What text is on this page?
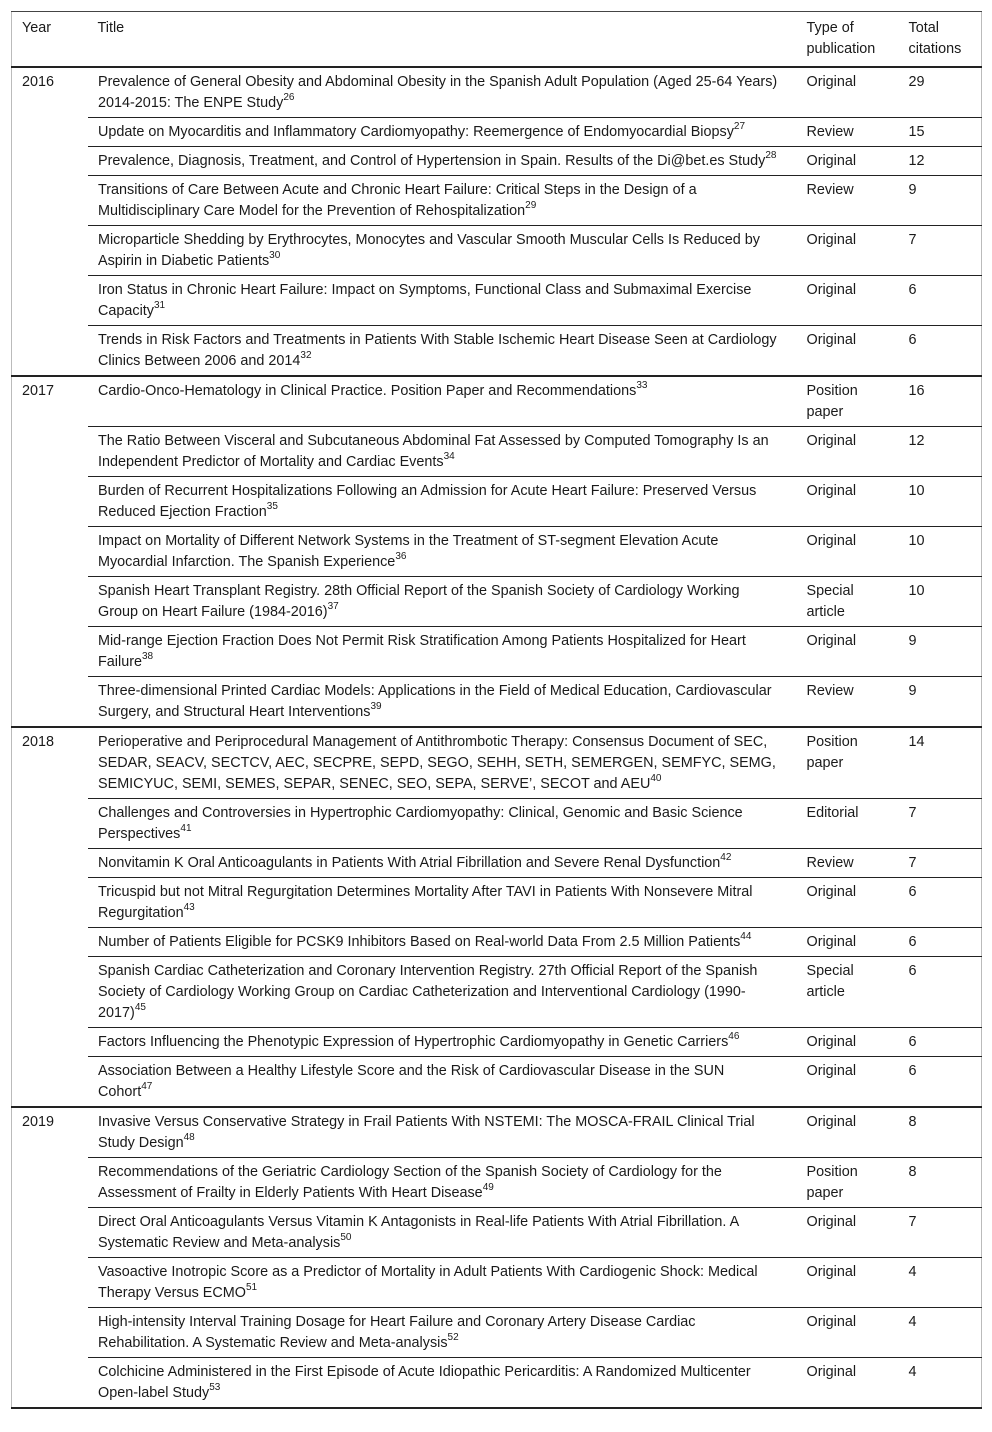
Year	Title	Type of publication	Total citations
2016	Prevalence of General Obesity and Abdominal Obesity in the Spanish Adult Population (Aged 25-64 Years) 2014-2015: The ENPE Study$^{26}$	Original	29
	Update on Myocarditis and Inflammatory Cardiomyopathy: Reemergence of Endomyocardial Biopsy$^{27}$	Review	15
	Prevalence, Diagnosis, Treatment, and Control of Hypertension in Spain. Results of the Di@bet.es Study$^{28}$	Original	12
	Transitions of Care Between Acute and Chronic Heart Failure: Critical Steps in the Design of a Multidisciplinary Care Model for the Prevention of Rehospitalization$^{29}$	Review	9
	Microparticle Shedding by Erythrocytes, Monocytes and Vascular Smooth Muscular Cells Is Reduced by Aspirin in Diabetic Patients$^{30}$	Original	7
	Iron Status in Chronic Heart Failure: Impact on Symptoms, Functional Class and Submaximal Exercise Capacity$^{31}$	Original	6
	Trends in Risk Factors and Treatments in Patients With Stable Ischemic Heart Disease Seen at Cardiology Clinics Between 2006 and 2014$^{32}$	Original	6
2017	Cardio-Onco-Hematology in Clinical Practice. Position Paper and Recommendations$^{33}$	Position paper	16
	The Ratio Between Visceral and Subcutaneous Abdominal Fat Assessed by Computed Tomography Is an Independent Predictor of Mortality and Cardiac Events$^{34}$	Original	12
	Burden of Recurrent Hospitalizations Following an Admission for Acute Heart Failure: Preserved Versus Reduced Ejection Fraction$^{35}$	Original	10
	Impact on Mortality of Different Network Systems in the Treatment of ST-segment Elevation Acute Myocardial Infarction. The Spanish Experience$^{36}$	Original	10
	Spanish Heart Transplant Registry. 28th Official Report of the Spanish Society of Cardiology Working Group on Heart Failure (1984-2016)$^{37}$	Special article	10
	Mid-range Ejection Fraction Does Not Permit Risk Stratification Among Patients Hospitalized for Heart Failure$^{38}$	Original	9
	Three-dimensional Printed Cardiac Models: Applications in the Field of Medical Education, Cardiovascular Surgery, and Structural Heart Interventions$^{39}$	Review	9
2018	Perioperative and Periprocedural Management of Antithrombotic Therapy: Consensus Document of SEC, SEDAR, SEACV, SECTCV, AEC, SECPRE, SEPD, SEGO, SEHH, SETH, SEMERGEN, SEMFYC, SEMG, SEMICYUC, SEMI, SEMES, SEPAR, SENEC, SEO, SEPA, SERVE’, SECOT and AEU$^{40}$	Position paper	14
	Challenges and Controversies in Hypertrophic Cardiomyopathy: Clinical, Genomic and Basic Science Perspectives$^{41}$	Editorial	7
	Nonvitamin K Oral Anticoagulants in Patients With Atrial Fibrillation and Severe Renal Dysfunction$^{42}$	Review	7
	Tricuspid but not Mitral Regurgitation Determines Mortality After TAVI in Patients With Nonsevere Mitral Regurgitation$^{43}$	Original	6
	Number of Patients Eligible for PCSK9 Inhibitors Based on Real-world Data From 2.5 Million Patients$^{44}$	Original	6
	Spanish Cardiac Catheterization and Coronary Intervention Registry. 27th Official Report of the Spanish Society of Cardiology Working Group on Cardiac Catheterization and Interventional Cardiology (1990-2017)$^{45}$	Special article	6
	Factors Influencing the Phenotypic Expression of Hypertrophic Cardiomyopathy in Genetic Carriers$^{46}$	Original	6
	Association Between a Healthy Lifestyle Score and the Risk of Cardiovascular Disease in the SUN Cohort$^{47}$	Original	6
2019	Invasive Versus Conservative Strategy in Frail Patients With NSTEMI: The MOSCA-FRAIL Clinical Trial Study Design$^{48}$	Original	8
	Recommendations of the Geriatric Cardiology Section of the Spanish Society of Cardiology for the Assessment of Frailty in Elderly Patients With Heart Disease$^{49}$	Position paper	8
	Direct Oral Anticoagulants Versus Vitamin K Antagonists in Real-life Patients With Atrial Fibrillation. A Systematic Review and Meta-analysis$^{50}$	Original	7
	Vasoactive Inotropic Score as a Predictor of Mortality in Adult Patients With Cardiogenic Shock: Medical Therapy Versus ECMO$^{51}$	Original	4
	High-intensity Interval Training Dosage for Heart Failure and Coronary Artery Disease Cardiac Rehabilitation. A Systematic Review and Meta-analysis$^{52}$	Original	4
	Colchicine Administered in the First Episode of Acute Idiopathic Pericarditis: A Randomized Multicenter Open-label Study$^{53}$	Original	4
